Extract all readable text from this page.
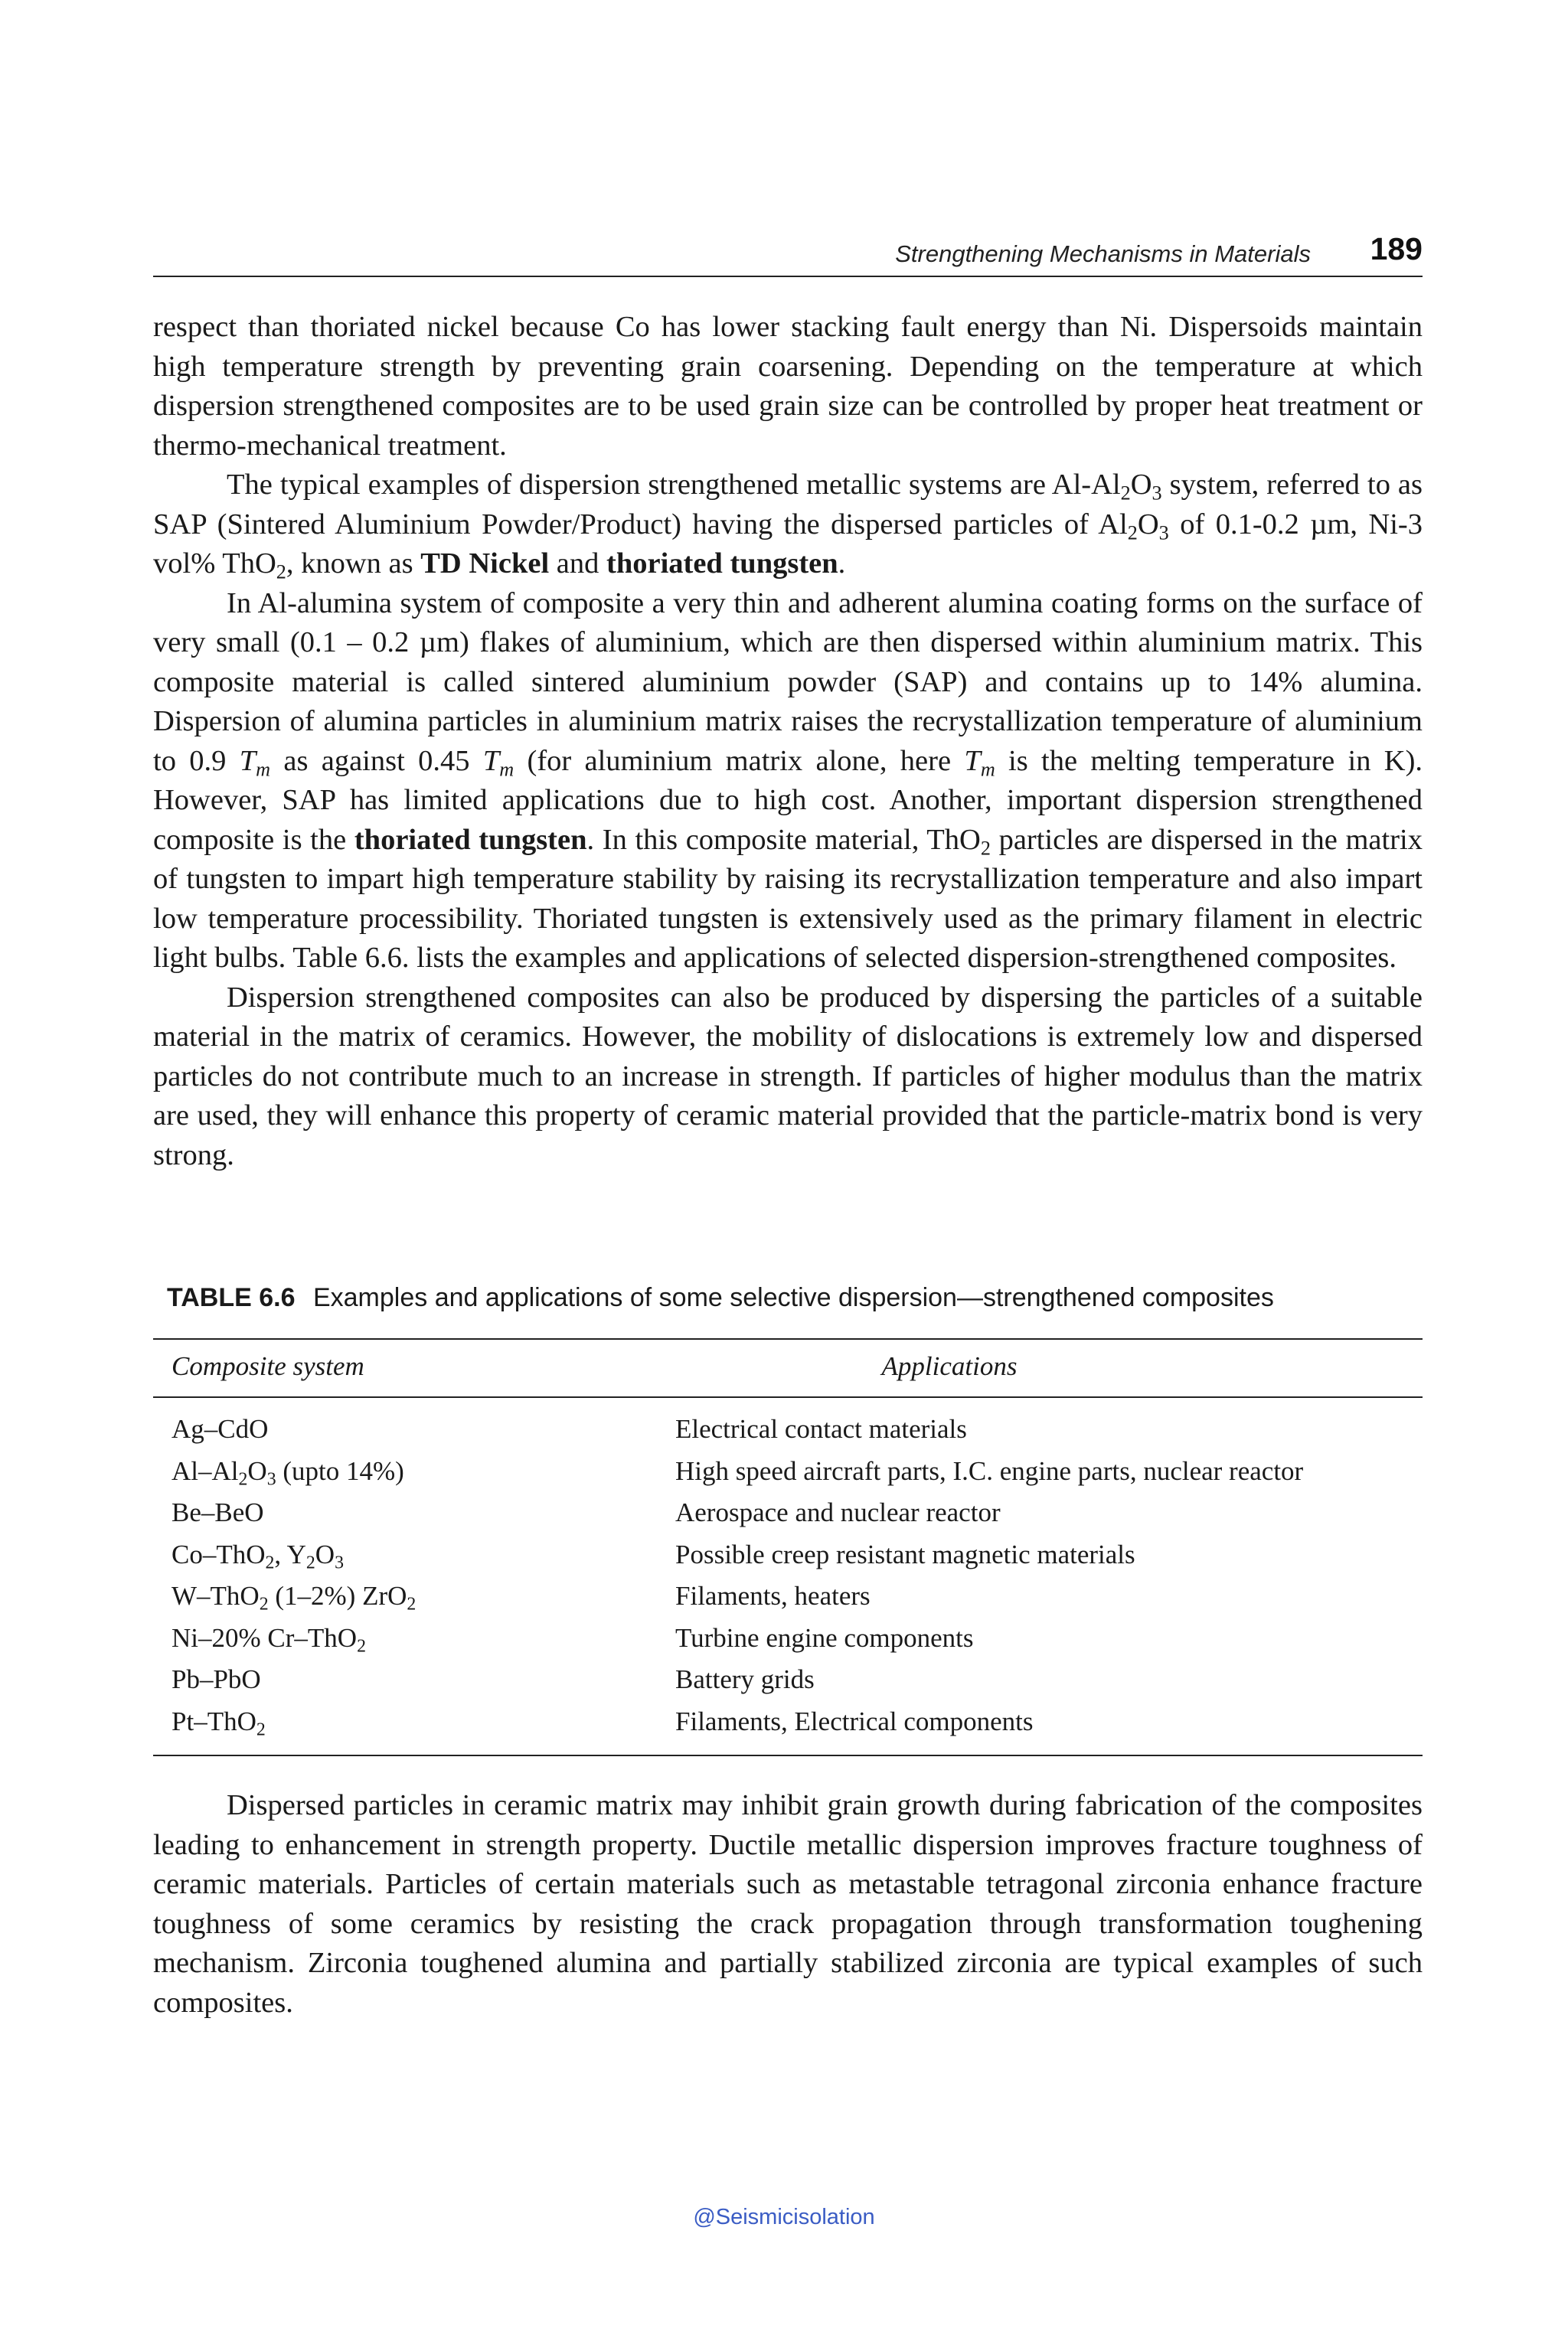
Strengthening Mechanisms in Materials 189

respect than thoriated nickel because Co has lower stacking fault energy than Ni. Dispersoids maintain high temperature strength by preventing grain coarsening. Depending on the temperature at which dispersion strengthened composites are to be used grain size can be controlled by proper heat treatment or thermo-mechanical treatment.

The typical examples of dispersion strengthened metallic systems are $Al-Al_2O_3$ system, referred to as SAP (Sintered Aluminium Powder/Product) having the dispersed particles of $Al_2O_3$ of 0.1-0.2 µm, Ni-3 vol% ThO$_2$, known as TD Nickel and thoriated tungsten.

In Al-alumina system of composite a very thin and adherent alumina coating forms on the surface of very small (0.1 – 0.2 µm) flakes of aluminium, which are then dispersed within aluminium matrix. This composite material is called sintered aluminium powder (SAP) and contains up to 14% alumina. Dispersion of alumina particles in aluminium matrix raises the recrystallization temperature of aluminium to 0.9 $T_m$ as against 0.45 $T_m$ (for aluminium matrix alone, here $T_m$ is the melting temperature in K). However, SAP has limited applications due to high cost. Another, important dispersion strengthened composite is the thoriated tungsten. In this composite material, ThO$_2$ particles are dispersed in the matrix of tungsten to impart high temperature stability by raising its recrystallization temperature and also impart low temperature processibility. Thoriated tungsten is extensively used as the primary filament in electric light bulbs. Table 6.6. lists the examples and applications of selected dispersion-strengthened composites.

Dispersion strengthened composites can also be produced by dispersing the particles of a suitable material in the matrix of ceramics. However, the mobility of dislocations is extremely low and dispersed particles do not contribute much to an increase in strength. If particles of higher modulus than the matrix are used, they will enhance this property of ceramic material provided that the particle-matrix bond is very strong.

TABLE 6.6 Examples and applications of some selective dispersion—strengthened composites
Composite system	Applications
Ag–CdO	Electrical contact materials
$Al-Al_2O_3$ (upto 14%)	High speed aircraft parts, I.C. engine parts, nuclear reactor
Be–BeO	Aerospace and nuclear reactor
Co–ThO$_2$, $Y_2O_3$	Possible creep resistant magnetic materials
W–ThO$_2$ (1–2%) ZrO$_2$	Filaments, heaters
Ni–20% Cr–ThO$_2$	Turbine engine components
Pb–PbO	Battery grids
Pt–ThO$_2$	Filaments, Electrical components

Dispersed particles in ceramic matrix may inhibit grain growth during fabrication of the composites leading to enhancement in strength property. Ductile metallic dispersion improves fracture toughness of ceramic materials. Particles of certain materials such as metastable tetragonal zirconia enhance fracture toughness of some ceramics by resisting the crack propagation through transformation toughening mechanism. Zirconia toughened alumina and partially stabilized zirconia are typical examples of such composites.

@Seismicisolation
